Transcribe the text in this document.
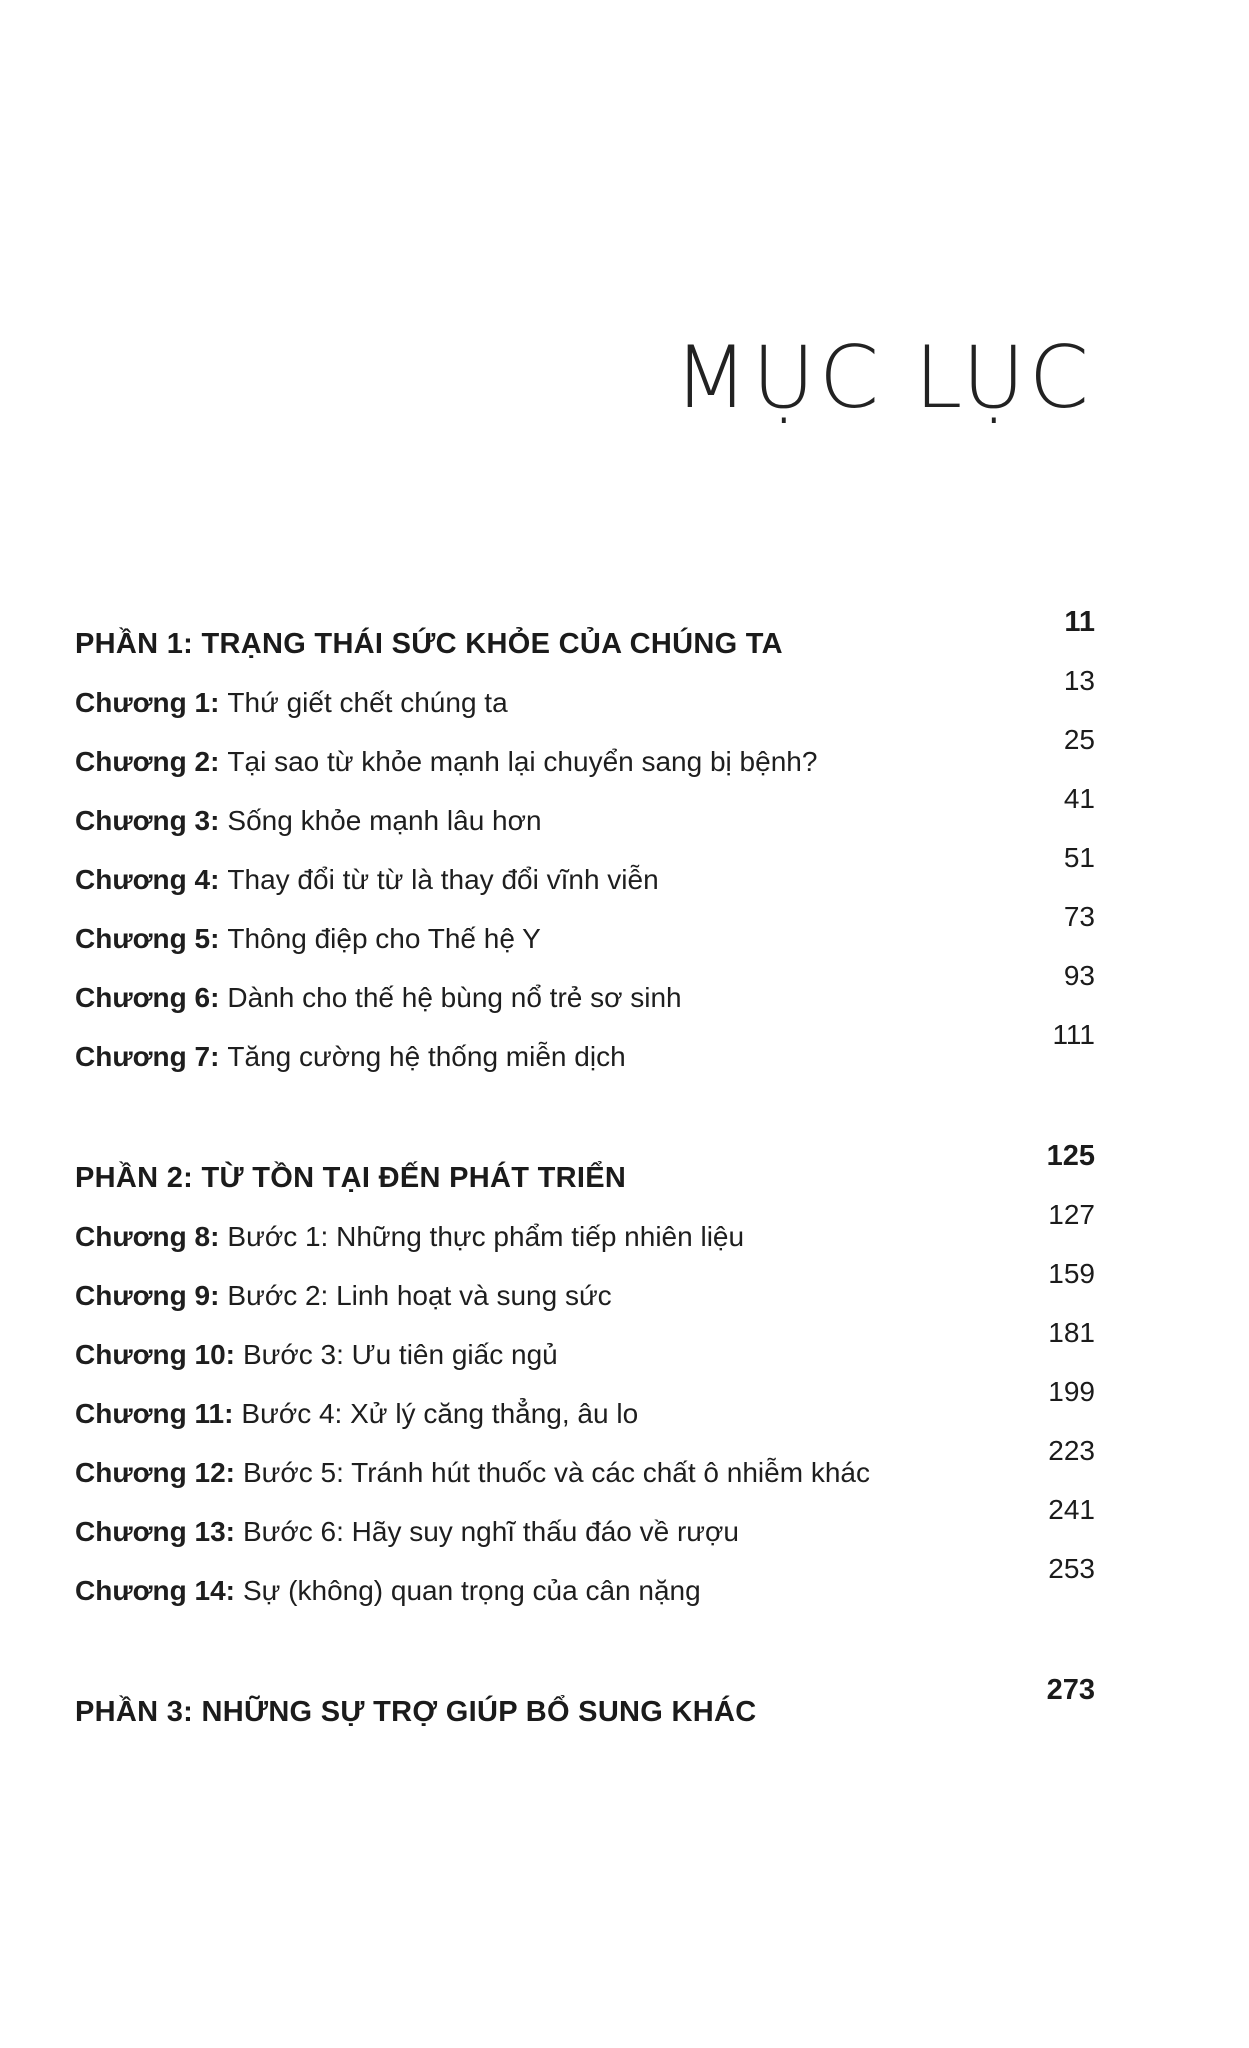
MỤC LỤC
PHẦN 1: TRẠNG THÁI SỨC KHỎE CỦA CHÚNG TA
11
Chương 1: Thứ giết chết chúng ta
13
Chương 2: Tại sao từ khỏe mạnh lại chuyển sang bị bệnh?
25
Chương 3: Sống khỏe mạnh lâu hơn
41
Chương 4: Thay đổi từ từ là thay đổi vĩnh viễn
51
Chương 5: Thông điệp cho Thế hệ Y
73
Chương 6: Dành cho thế hệ bùng nổ trẻ sơ sinh
93
Chương 7: Tăng cường hệ thống miễn dịch
111
PHẦN 2: TỪ TỒN TẠI ĐẾN PHÁT TRIỂN
125
Chương 8: Bước 1: Những thực phẩm tiếp nhiên liệu
127
Chương 9: Bước 2: Linh hoạt và sung sức
159
Chương 10: Bước 3: Ưu tiên giấc ngủ
181
Chương 11: Bước 4: Xử lý căng thẳng, âu lo
199
Chương 12: Bước 5: Tránh hút thuốc và các chất ô nhiễm khác
223
Chương 13: Bước 6: Hãy suy nghĩ thấu đáo về rượu
241
Chương 14: Sự (không) quan trọng của cân nặng
253
PHẦN 3: NHỮNG SỰ TRỢ GIÚP BỔ SUNG KHÁC
273
